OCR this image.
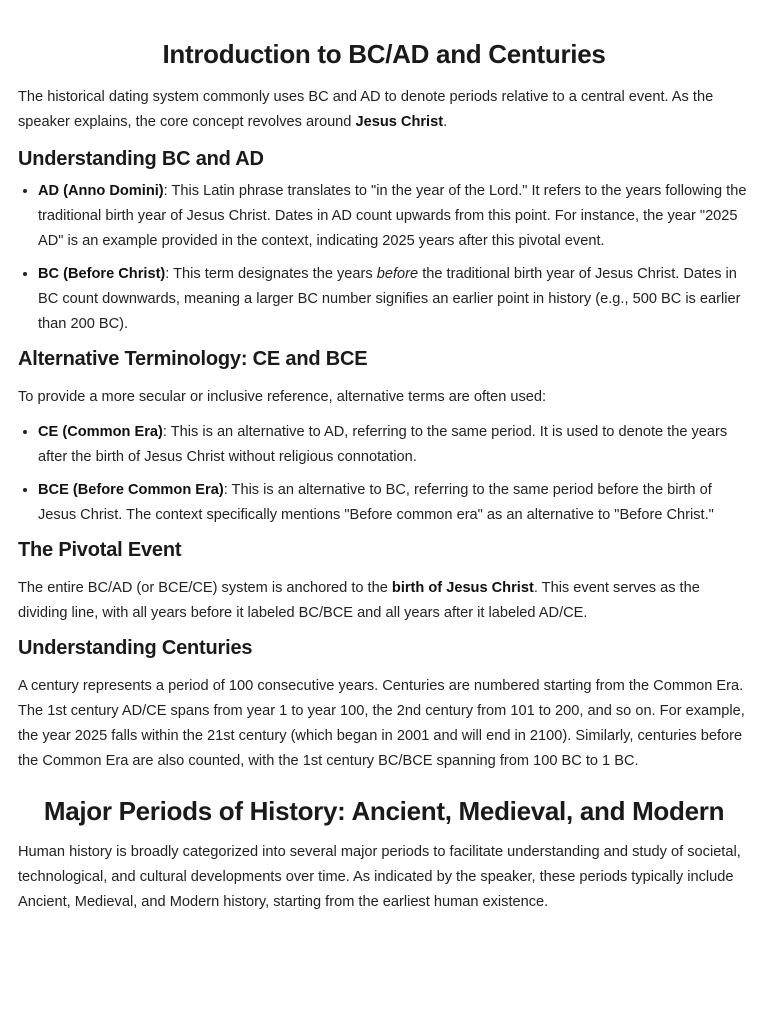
Introduction to BC/AD and Centuries

The historical dating system commonly uses BC and AD to denote periods relative to a central event. As the speaker explains, the core concept revolves around Jesus Christ.

Understanding BC and AD
• AD (Anno Domini): This Latin phrase translates to "in the year of the Lord." It refers to the years following the traditional birth year of Jesus Christ. Dates in AD count upwards from this point. For instance, the year "2025 AD" is an example provided in the context, indicating 2025 years after this pivotal event.
• BC (Before Christ): This term designates the years before the traditional birth year of Jesus Christ. Dates in BC count downwards, meaning a larger BC number signifies an earlier point in history (e.g., 500 BC is earlier than 200 BC).
Alternative Terminology: CE and BCE

To provide a more secular or inclusive reference, alternative terms are often used:

• CE (Common Era): This is an alternative to AD, referring to the same period. It is used to denote the years after the birth of Jesus Christ without religious connotation.
• BCE (Before Common Era): This is an alternative to BC, referring to the same period before the birth of Jesus Christ. The context specifically mentions "Before common era" as an alternative to "Before Christ."
The Pivotal Event

The entire BC/AD (or BCE/CE) system is anchored to the birth of Jesus Christ. This event serves as the dividing line, with all years before it labeled BC/BCE and all years after it labeled AD/CE.

Understanding Centuries

A century represents a period of 100 consecutive years. Centuries are numbered starting from the Common Era. The 1st century AD/CE spans from year 1 to year 100, the 2nd century from 101 to 200, and so on. For example, the year 2025 falls within the 21st century (which began in 2001 and will end in 2100). Similarly, centuries before the Common Era are also counted, with the 1st century BC/BCE spanning from 100 BC to 1 BC.

Major Periods of History: Ancient, Medieval, and Modern

Human history is broadly categorized into several major periods to facilitate understanding and study of societal, technological, and cultural developments over time. As indicated by the speaker, these periods typically include Ancient, Medieval, and Modern history, starting from the earliest human existence.
